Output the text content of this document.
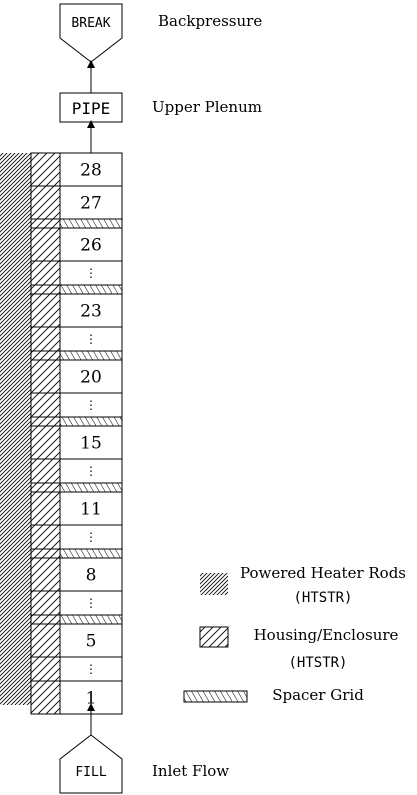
BREAK	Backpressure
PIPE	Upper Plenum
28
27
26
⋮
23
⋮
20
⋮
15
⋮
11
⋮
8
⋮
5
⋮
1
FILL	Inlet Flow
Powered Heater Rods
(HTSTR)
Housing/Enclosure
(HTSTR)
Spacer Grid
